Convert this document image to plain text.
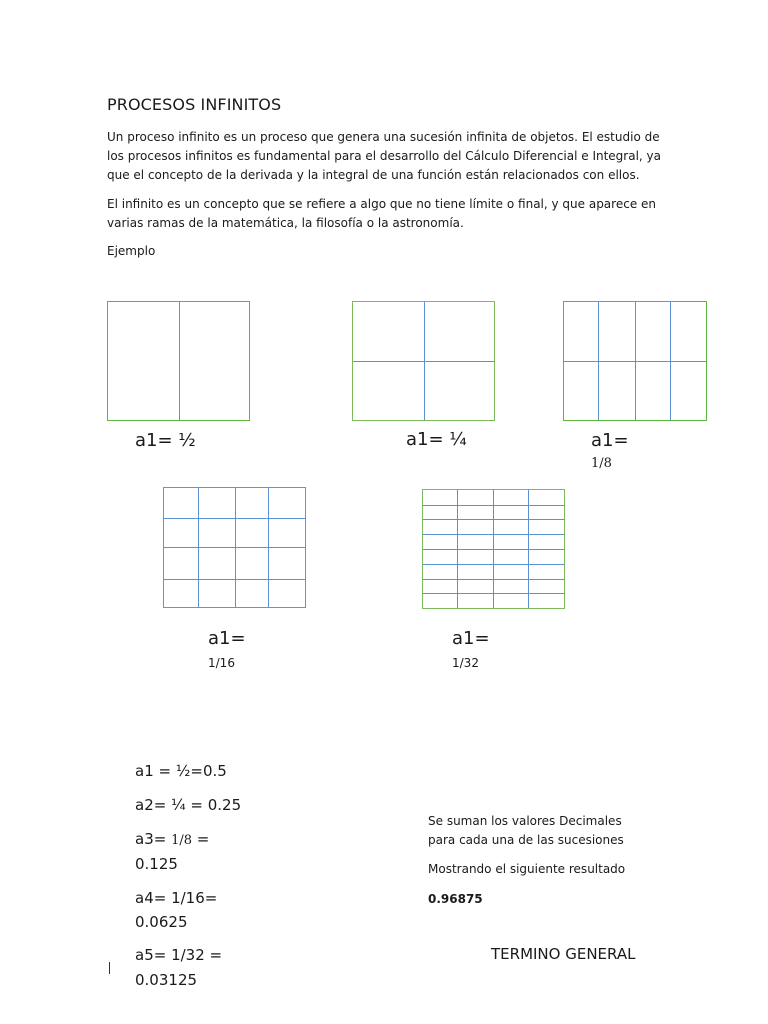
PROCESOS INFINITOS
Un proceso infinito es un proceso que genera una sucesión infinita de objetos. El estudio de los procesos infinitos es fundamental para el desarrollo del Cálculo Diferencial e Integral, ya que el concepto de la derivada y la integral de una función están relacionados con ellos.
El infinito es un concepto que se refiere a algo que no tiene límite o final, y que aparece en varias ramas de la matemática, la filosofía o la astronomía.
Ejemplo
a1= ½	a1= ¼	a1=
1/8
a1=
1/16
a1=
1/32
a1 = ½=0.5
a2= ¼ = 0.25
a3= 1/8 =
0.125
a4= 1/16=
0.0625
a5= 1/32 =
0.03125
Se suman los valores Decimales
para cada una de las sucesiones
Mostrando el siguiente resultado
0.96875
TERMINO GENERAL
